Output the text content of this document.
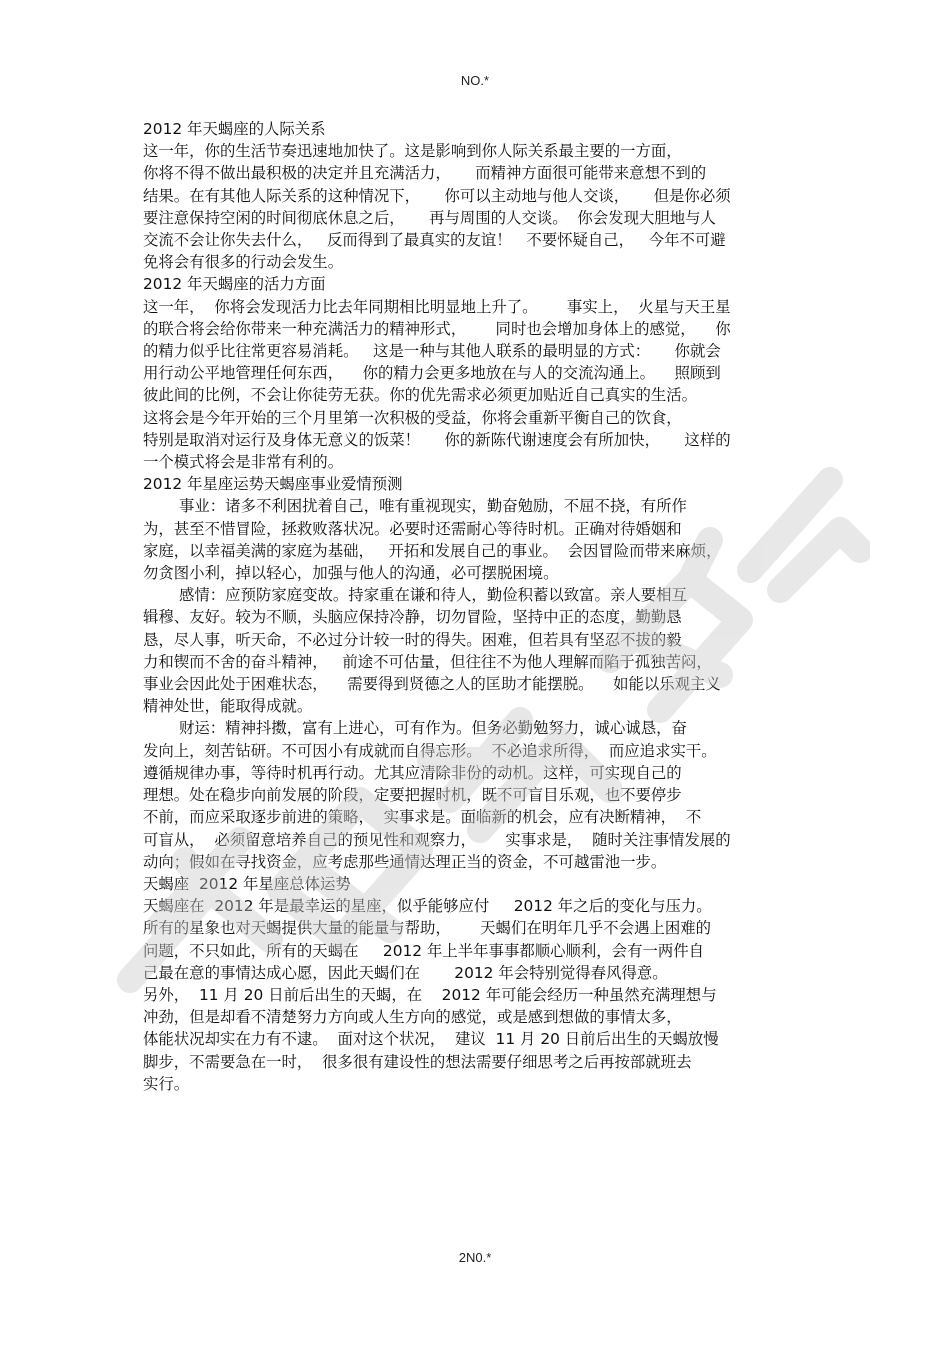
NO.*

2012 年天蝎座的人际关系

这一年，你的生活节奏迅速地加快了。这是影响到你人际关系最主要的一方面，

你将不得不做出最积极的决定并且充满活力，     而精神方面很可能带来意想不到的

结果。在有其他人际关系的这种情况下，     你可以主动地与他人交谈，     但是你必须

要注意保持空闲的时间彻底休息之后，     再与周围的人交谈。  你会发现大胆地与人

交流不会让你失去什么，   反而得到了最真实的友谊！   不要怀疑自己，   今年不可避

免将会有很多的行动会发生。

2012 年天蝎座的活力方面

这一年，  你将会发现活力比去年同期相比明显地上升了。      事实上，  火星与天王星

的联合将会给你带来一种充满活力的精神形式，      同时也会增加身体上的感觉，    你

的精力似乎比往常更容易消耗。   这是一种与其他人联系的最明显的方式：     你就会

用行动公平地管理任何东西，    你的精力会更多地放在与人的交流沟通上。    照顾到

彼此间的比例，不会让你徒劳无获。你的优先需求必须更加贴近自己真实的生活。

这将会是今年开始的三个月里第一次积极的受益，你将会重新平衡自己的饮食，

特别是取消对运行及身体无意义的饭菜！     你的新陈代谢速度会有所加快，     这样的

一个模式将会是非常有利的。

2012 年星座运势天蝎座事业爱情预测

事业：诸多不利困扰着自己，唯有重视现实，勤奋勉励，不屈不挠，有所作

为，甚至不惜冒险，拯救败落状况。必要时还需耐心等待时机。正确对待婚姻和

家庭，以幸福美满的家庭为基础，   开拓和发展自己的事业。  会因冒险而带来麻烦，

勿贪图小利，掉以轻心，加强与他人的沟通，必可摆脱困境。

感情：应预防家庭变故。持家重在谦和待人，勤俭积蓄以致富。亲人要相互

辑穆、友好。较为不顺，头脑应保持冷静，切勿冒险，坚持中正的态度，勤勤恳

恳，尽人事，听天命，不必过分计较一时的得失。困难，但若具有坚忍不拔的毅

力和锲而不舍的奋斗精神，   前途不可估量，但往往不为他人理解而陷于孤独苦闷，

事业会因此处于困难状态，    需要得到贤德之人的匡助才能摆脱。    如能以乐观主义

精神处世，能取得成就。

财运：精神抖擞，富有上进心，可有作为。但务必勤勉努力，诚心诚恳，奋

发向上，刻苦钻研。不可因小有成就而自得忘形。  不必追求所得，  而应追求实干。

遵循规律办事，等待时机再行动。尤其应清除非份的动机。这样，可实现自己的

理想。处在稳步向前发展的阶段，定要把握时机，既不可盲目乐观，也不要停步

不前，而应采取逐步前进的策略，  实事求是。面临新的机会，应有决断精神，  不

可盲从，  必须留意培养自己的预见性和观察力，      实事求是，  随时关注事情发展的

动向；假如在寻找资金，应考虑那些通情达理正当的资金，不可越雷池一步。

天蝎座  2012 年星座总体运势

天蝎座在  2012 年是最幸运的星座，似乎能够应付     2012 年之后的变化与压力。

所有的星象也对天蝎提供大量的能量与帮助，      天蝎们在明年几乎不会遇上困难的

问题，不只如此，所有的天蝎在     2012 年上半年事事都顺心顺利，会有一两件自

己最在意的事情达成心愿，因此天蝎们在       2012 年会特别觉得春风得意。

另外，  11 月 20 日前后出生的天蝎，在    2012 年可能会经历一种虽然充满理想与

冲劲，但是却看不清楚努力方向或人生方向的感觉，或是感到想做的事情太多，

体能状况却实在力有不逮。  面对这个状况，  建议  11 月 20 日前后出生的天蝎放慢

脚步，不需要急在一时，  很多很有建设性的想法需要仔细思考之后再按部就班去

实行。

2N0.*
